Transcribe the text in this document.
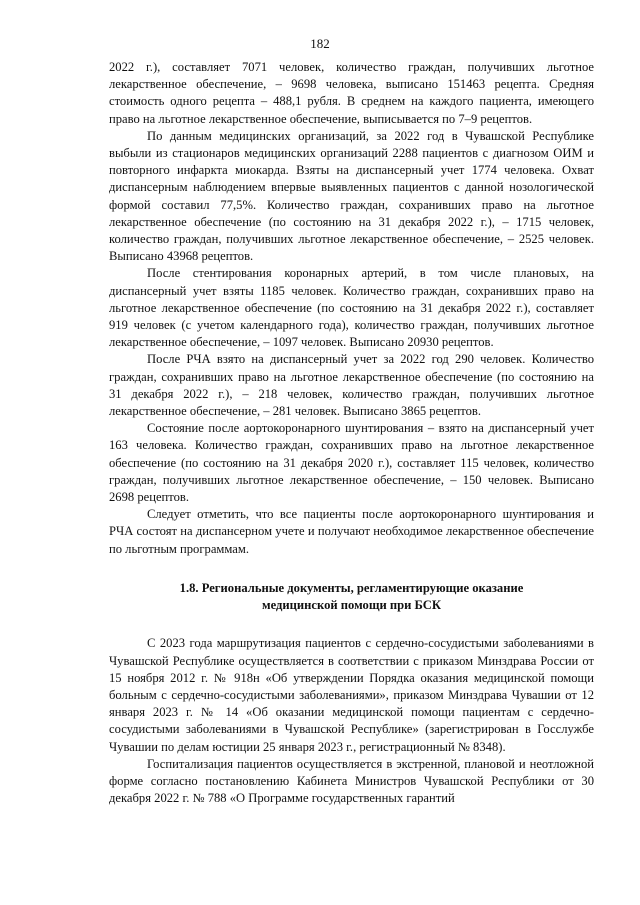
182

2022 г.), составляет 7071 человек, количество граждан, получивших льготное лекарственное обеспечение, – 9698 человека, выписано 151463 рецепта. Средняя стоимость одного рецепта – 488,1 рубля. В среднем на каждого пациента, имеющего право на льготное лекарственное обеспечение, выписывается по 7–9 рецептов.

По данным медицинских организаций, за 2022 год в Чувашской Республике выбыли из стационаров медицинских организаций 2288 пациентов с диагнозом ОИМ и повторного инфаркта миокарда. Взяты на диспансерный учет 1774 человека. Охват диспансерным наблюдением впервые выявленных пациентов с данной нозологической формой составил 77,5%. Количество граждан, сохранивших право на льготное лекарственное обеспечение (по состоянию на 31 декабря 2022 г.), – 1715 человек, количество граждан, получивших льготное лекарственное обеспечение, – 2525 человек. Выписано 43968 рецептов.

После стентирования коронарных артерий, в том числе плановых, на диспансерный учет взяты 1185 человек. Количество граждан, сохранивших право на льготное лекарственное обеспечение (по состоянию на 31 декабря 2022 г.), составляет 919 человек (с учетом календарного года), количество граждан, получивших льготное лекарственное обеспечение, – 1097 человек. Выписано 20930 рецептов.

После РЧА взято на диспансерный учет за 2022 год 290 человек. Количество граждан, сохранивших право на льготное лекарственное обеспечение (по состоянию на 31 декабря 2022 г.), – 218 человек, количество граждан, получивших льготное лекарственное обеспечение, – 281 человек. Выписано 3865 рецептов.

Состояние после аортокоронарного шунтирования – взято на диспансерный учет 163 человека. Количество граждан, сохранивших право на льготное лекарственное обеспечение (по состоянию на 31 декабря 2020 г.), составляет 115 человек, количество граждан, получивших льготное лекарственное обеспечение, – 150 человек. Выписано 2698 рецептов.

Следует отметить, что все пациенты после аортокоронарного шунтирования и РЧА состоят на диспансерном учете и получают необходимое лекарственное обеспечение по льготным программам.

1.8. Региональные документы, регламентирующие оказание
медицинской помощи при БСК

С 2023 года маршрутизация пациентов с сердечно-сосудистыми заболеваниями в Чувашской Республике осуществляется в соответствии с приказом Минздрава России от 15 ноября 2012 г. № 918н «Об утверждении Порядка оказания медицинской помощи больным с сердечно-сосудистыми заболеваниями», приказом Минздрава Чувашии от 12 января 2023 г. № 14 «Об оказании медицинской помощи пациентам с сердечно-сосудистыми заболеваниями в Чувашской Республике» (зарегистрирован в Госслужбе Чувашии по делам юстиции 25 января 2023 г., регистрационный № 8348).

Госпитализация пациентов осуществляется в экстренной, плановой и неотложной форме согласно постановлению Кабинета Министров Чувашской Республики от 30 декабря 2022 г. № 788 «О Программе государственных гарантий
